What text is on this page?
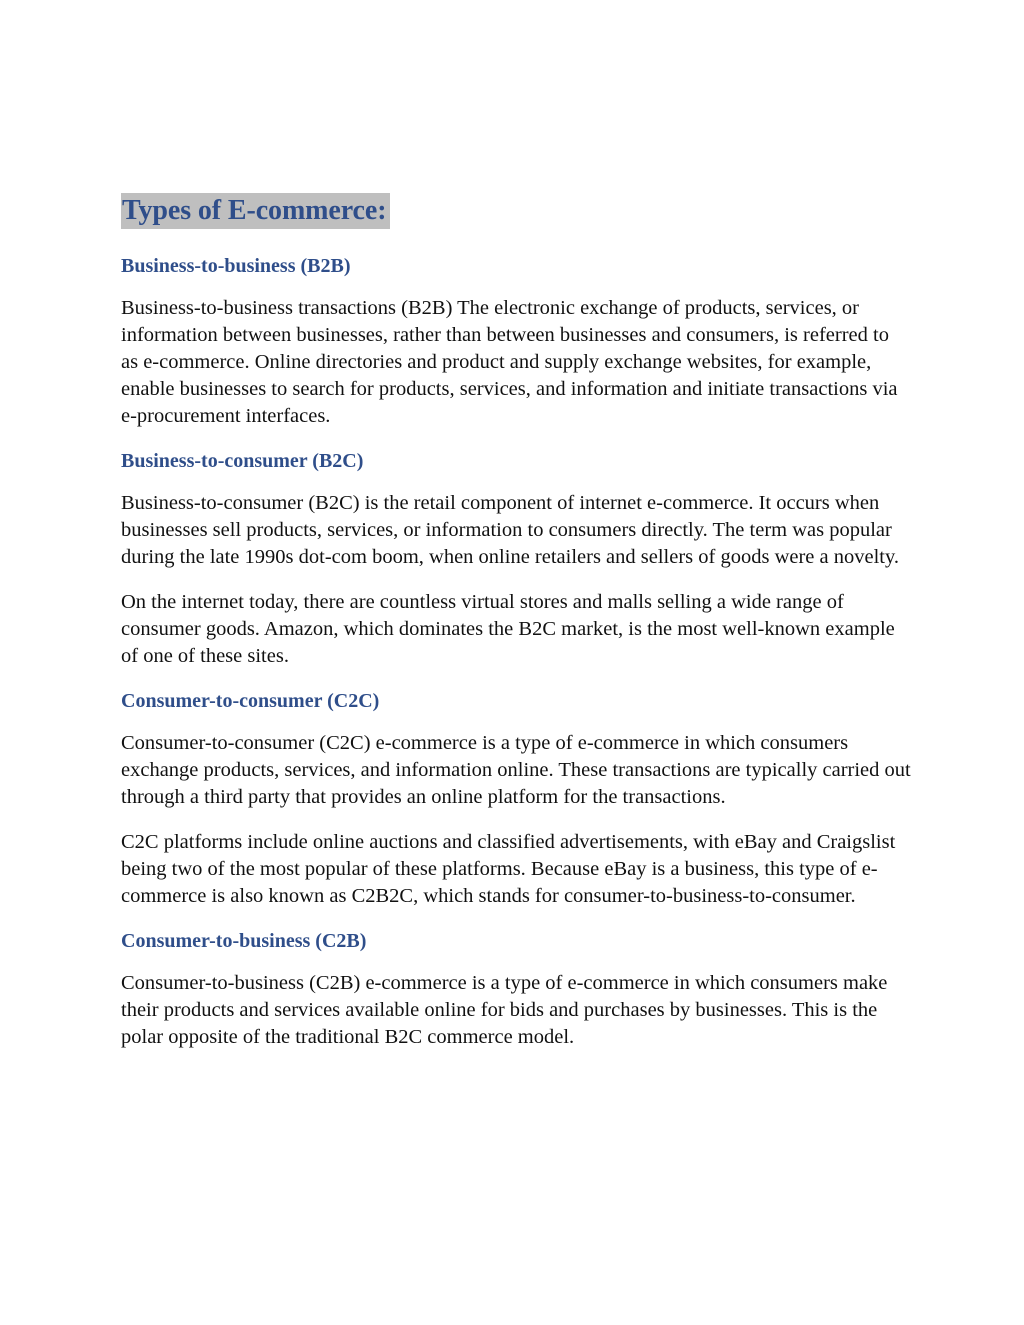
Types of E-commerce:
Business-to-business (B2B)

Business-to-business transactions (B2B) The electronic exchange of products, services, or information between businesses, rather than between businesses and consumers, is referred to as e-commerce. Online directories and product and supply exchange websites, for example, enable businesses to search for products, services, and information and initiate transactions via e-procurement interfaces.

Business-to-consumer (B2C)

Business-to-consumer (B2C) is the retail component of internet e-commerce. It occurs when businesses sell products, services, or information to consumers directly. The term was popular during the late 1990s dot-com boom, when online retailers and sellers of goods were a novelty.

On the internet today, there are countless virtual stores and malls selling a wide range of consumer goods. Amazon, which dominates the B2C market, is the most well-known example of one of these sites.

Consumer-to-consumer (C2C)

Consumer-to-consumer (C2C) e-commerce is a type of e-commerce in which consumers exchange products, services, and information online. These transactions are typically carried out through a third party that provides an online platform for the transactions.

C2C platforms include online auctions and classified advertisements, with eBay and Craigslist being two of the most popular of these platforms. Because eBay is a business, this type of e-commerce is also known as C2B2C, which stands for consumer-to-business-to-consumer.

Consumer-to-business (C2B)

Consumer-to-business (C2B) e-commerce is a type of e-commerce in which consumers make their products and services available online for bids and purchases by businesses. This is the polar opposite of the traditional B2C commerce model.
